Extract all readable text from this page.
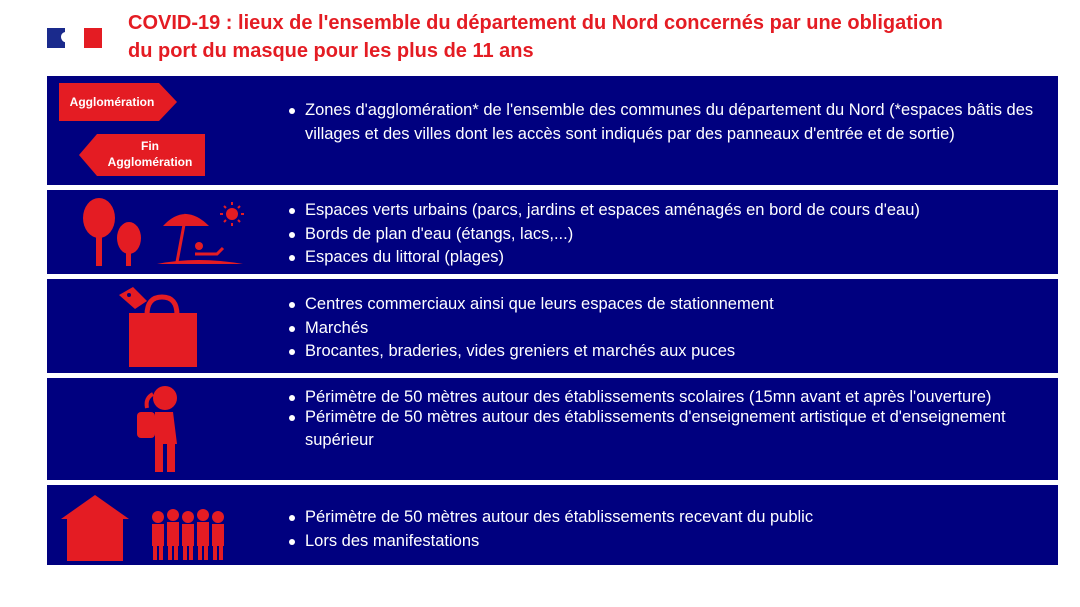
COVID-19 : lieux de l'ensemble du département du Nord concernés par une obligation
du port du masque pour les plus de 11 ans
Agglomération
Fin
Agglomération
Zones d'agglomération* de l'ensemble des communes du département du Nord (*espaces bâtis des villages et des villes dont les accès sont indiqués par des panneaux d'entrée et de sortie)
Espaces verts urbains (parcs, jardins et espaces aménagés en bord de cours d'eau)
Bords de plan d'eau (étangs, lacs,...)
Espaces du littoral (plages)
Centres commerciaux ainsi que leurs espaces de stationnement
Marchés
Brocantes, braderies, vides greniers et marchés aux puces
Périmètre de 50 mètres autour des établissements scolaires (15mn avant et après l'ouverture)
Périmètre de 50 mètres autour des établissements d'enseignement artistique et d'enseignement supérieur
Périmètre de 50 mètres autour des établissements recevant du public
Lors des manifestations
